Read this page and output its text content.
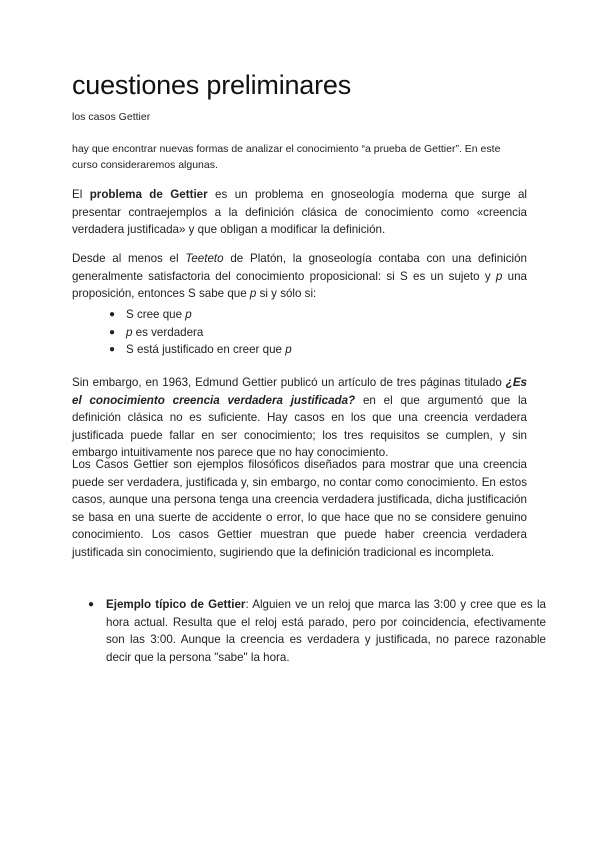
cuestiones preliminares

los casos Gettier

hay que encontrar nuevas formas de analizar el conocimiento “a prueba de Gettier”. En este curso consideraremos algunas.

El problema de Gettier es un problema en gnoseología moderna que surge al presentar contraejemplos a la definición clásica de conocimiento como «creencia verdadera justificada» y que obligan a modificar la definición.

Desde al menos el Teeteto de Platón, la gnoseología contaba con una definición generalmente satisfactoria del conocimiento proposicional: si S es un sujeto y p una proposición, entonces S sabe que p si y sólo si:

● S cree que p
● p es verdadera
● S está justificado en creer que p

Sin embargo, en 1963, Edmund Gettier publicó un artículo de tres páginas titulado ¿Es el conocimiento creencia verdadera justificada? en el que argumentó que la definición clásica no es suficiente. Hay casos en los que una creencia verdadera justificada puede fallar en ser conocimiento; los tres requisitos se cumplen, y sin embargo intuitivamente nos parece que no hay conocimiento.

Los Casos Gettier son ejemplos filosóficos diseñados para mostrar que una creencia puede ser verdadera, justificada y, sin embargo, no contar como conocimiento. En estos casos, aunque una persona tenga una creencia verdadera justificada, dicha justificación se basa en una suerte de accidente o error, lo que hace que no se considere genuino conocimiento. Los casos Gettier muestran que puede haber creencia verdadera justificada sin conocimiento, sugiriendo que la definición tradicional es incompleta.

● Ejemplo típico de Gettier: Alguien ve un reloj que marca las 3:00 y cree que es la hora actual. Resulta que el reloj está parado, pero por coincidencia, efectivamente son las 3:00. Aunque la creencia es verdadera y justificada, no parece razonable decir que la persona "sabe" la hora.
